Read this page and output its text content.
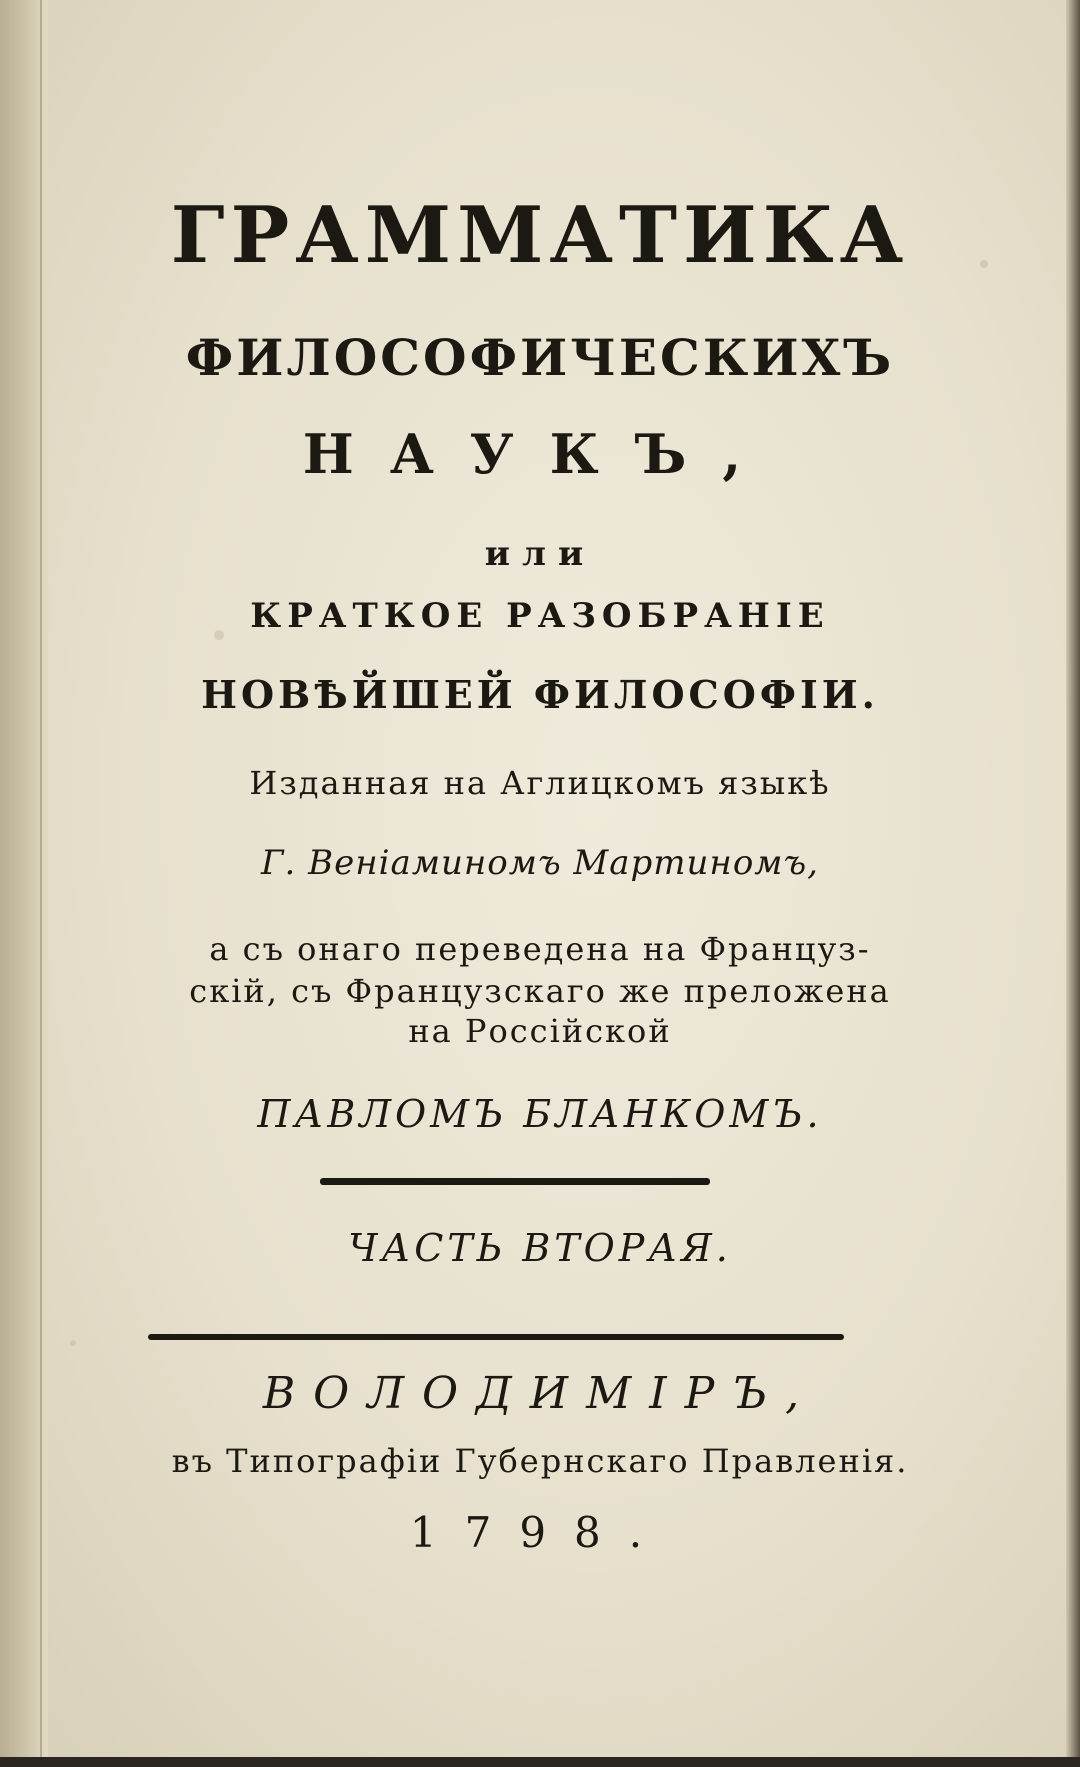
ГРАММАТИКА
ФИЛОСОФИЧЕСКИХЪ
НАУКЪ,
или
КРАТКОЕ РАЗОБРАНІЕ
НОВѢЙШЕЙ ФИЛОСОФІИ.
Изданная на Аглицкомъ языкѣ
Г. Веніаминомъ Мартиномъ,
а съ онаго переведена на Француз-
скій, съ Французскаго же преложена
на Россійской
ПАВЛОМЪ БЛАНКОМЪ.
ЧАСТЬ ВТОРАЯ.
ВОЛОДИМІРЪ,
въ Типографіи Губернскаго Правленія.
1798.
